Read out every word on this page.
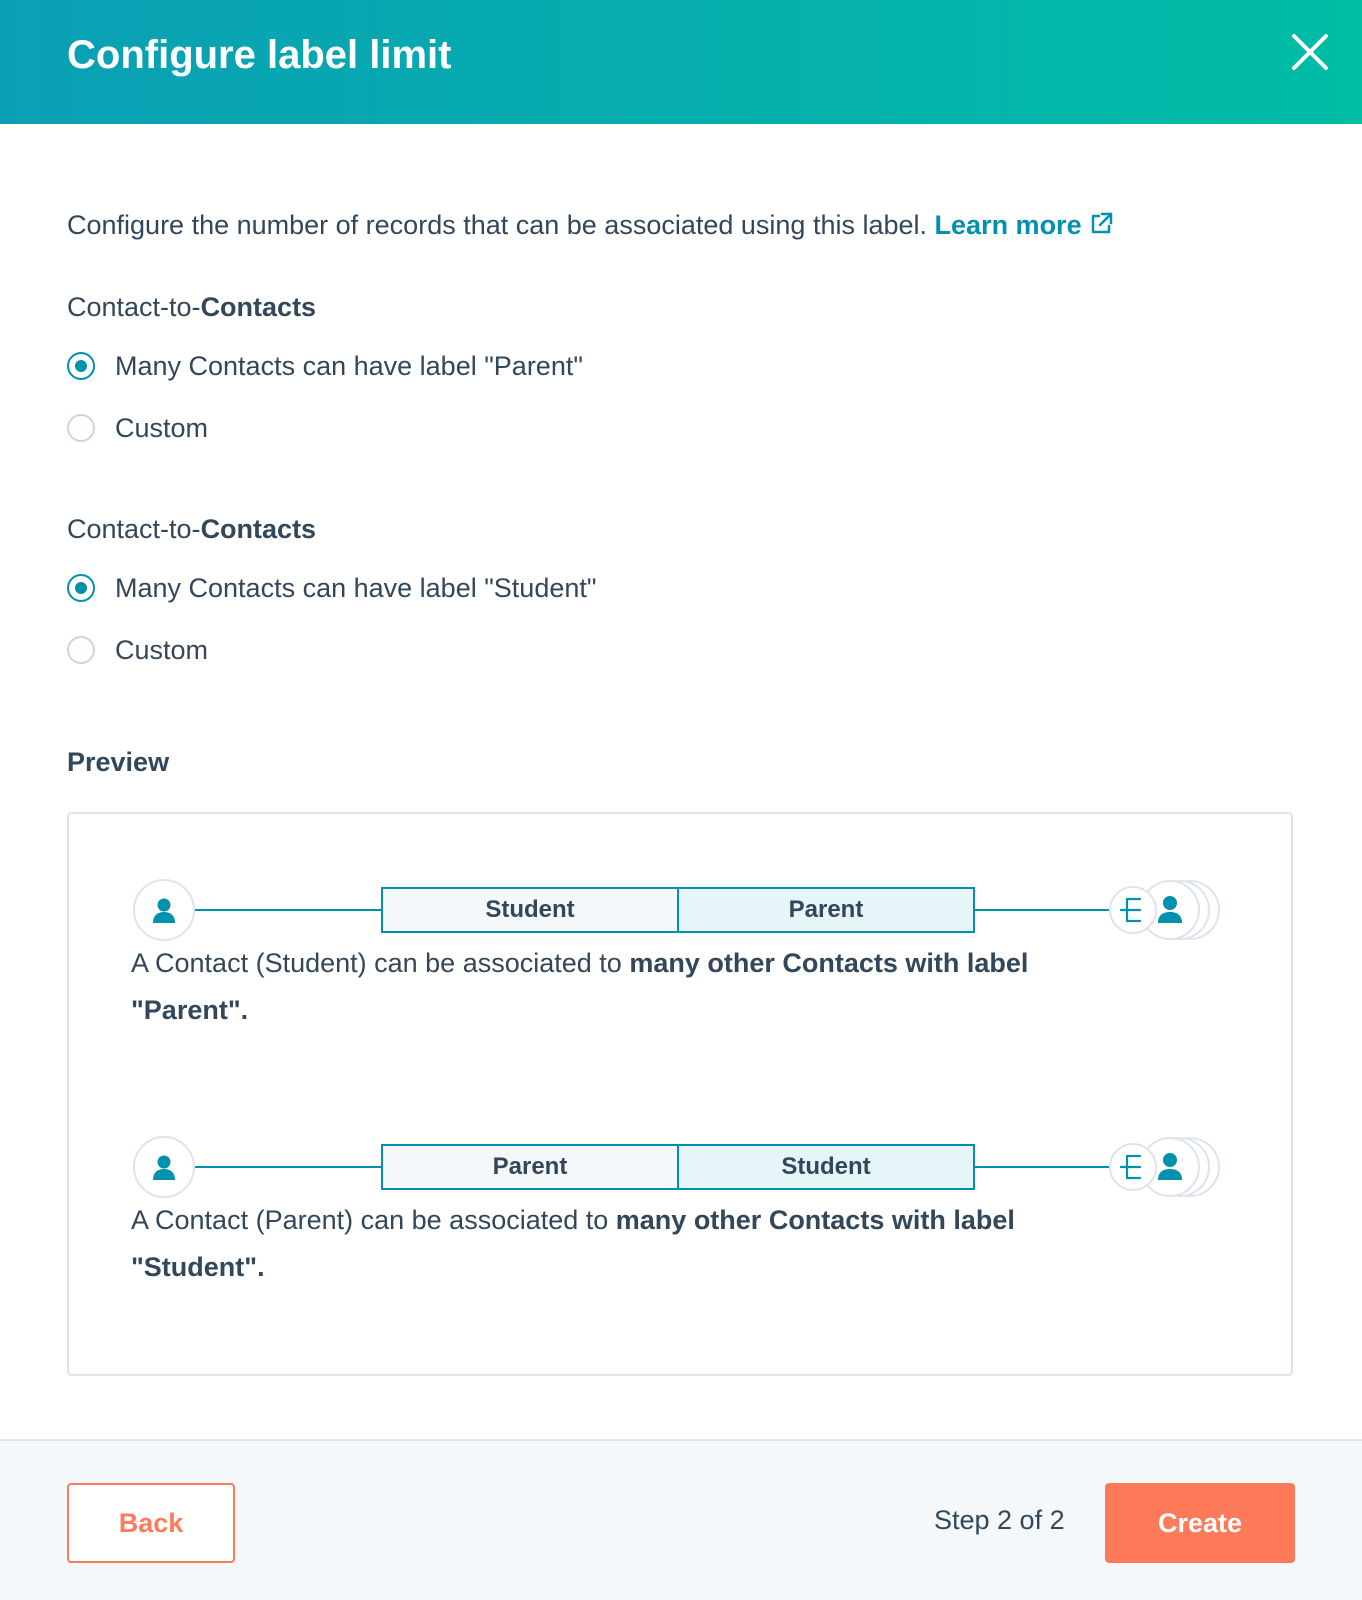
Configure label limit
Configure the number of records that can be associated using this label. Learn more
Contact-to-Contacts
Many Contacts can have label "Parent"
Custom
Contact-to-Contacts
Many Contacts can have label "Student"
Custom
Preview
Student	Parent
A Contact (Student) can be associated to many other Contacts with label "Parent".
Parent	Student
A Contact (Parent) can be associated to many other Contacts with label "Student".
Back	Step 2 of 2	Create
